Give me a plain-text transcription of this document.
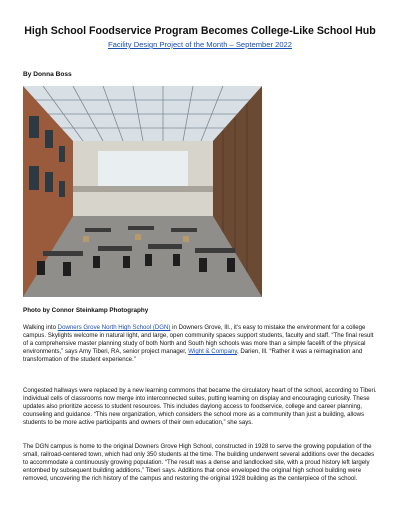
High School Foodservice Program Becomes College-Like School Hub
Facility Design Project of the Month – September 2022
By Donna Boss
Photo by Connor Steinkamp Photography

Walking into Downers Grove North High School (DGN) in Downers Grove, Ill., it’s easy to mistake the environment for a college campus. Skylights welcome in natural light, and large, open community spaces support students, faculty and staff. “The final result of a comprehensive master planning study of both North and South high schools was more than a simple facelift of the physical environments,” says Amy Tiberi, RA, senior project manager, Wight & Company, Darien, Ill. “Rather it was a reimagination and transformation of the student experience.”

Congested hallways were replaced by a new learning commons that became the circulatory heart of the school, according to Tiberi. Individual cells of classrooms now merge into interconnected suites, putting learning on display and encouraging curiosity. These updates also prioritize access to student resources. This includes daylong access to foodservice, college and career planning, counseling and guidance. “This new organization, which considers the school more as a community than just a building, allows students to be more active participants and owners of their own education,” she says.

The DGN campus is home to the original Downers Grove High School, constructed in 1928 to serve the growing population of the small, railroad-centered town, which had only 350 students at the time. The building underwent several additions over the decades to accommodate a continuously growing population. “The result was a dense and landlocked site, with a proud history left largely entombed by subsequent building additions,” Tiberi says. Additions that once enveloped the original high school building were removed, uncovering the rich history of the campus and restoring the original 1928 building as the centerpiece of the school.
